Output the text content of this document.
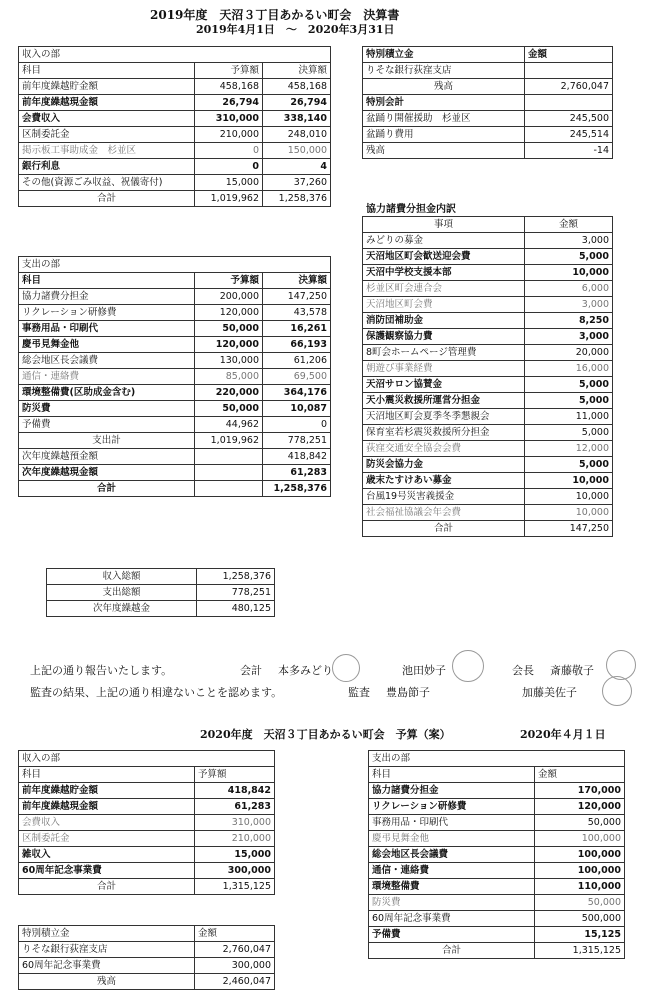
2019年度　天沼３丁目あかるい町会　決算書
2019年4月1日　～　2020年3月31日
収入の部		
科目	予算額	決算額
前年度繰越貯金額	458,168	458,168
前年度繰越現金額	26,794	26,794
会費収入	310,000	338,140
区制委託金	210,000	248,010
掲示板工事助成金　杉並区	0	150,000
銀行利息	0	4
その他(資源ごみ収益、祝儀寄付)	15,000	37,260
合計	1,019,962	1,258,376
支出の部		
科目	予算額	決算額
協力諸費分担金	200,000	147,250
リクレーション研修費	120,000	43,578
事務用品・印刷代	50,000	16,261
慶弔見舞金他	120,000	66,193
総会地区長会議費	130,000	61,206
通信・連絡費	85,000	69,500
環境整備費(区助成金含む)	220,000	364,176
防災費	50,000	10,087
予備費	44,962	0
支出計	1,019,962	778,251
次年度繰越預金額		418,842
次年度繰越現金額		61,283
合計		1,258,376
収入総額	1,258,376
支出総額	778,251
次年度繰越金	480,125
特別積立金	金額
りそな銀行荻窪支店	
残高	2,760,047
特別会計	
盆踊り開催援助　杉並区	245,500
盆踊り費用	245,514
残高	-14
協力諸費分担金内訳
事項	金額
みどりの募金	3,000
天沼地区町会歓送迎会費	5,000
天沼中学校支援本部	10,000
杉並区町会連合会	6,000
天沼地区町会費	3,000
消防団補助金	8,250
保護観察協力費	3,000
8町会ホームページ管理費	20,000
朝遊び事業経費	16,000
天沼サロン協賛金	5,000
天小震災救援所運営分担金	5,000
天沼地区町会夏季冬季懇親会	11,000
保育室若杉震災救援所分担金	5,000
荻窪交通安全協会会費	12,000
防災会協力金	5,000
歳末たすけあい募金	10,000
台風19号災害義援金	10,000
社会福祉協議会年会費	10,000
合計	147,250
上記の通り報告いたします。	会計 本多みどり	池田妙子	会長 斎藤敬子
監査の結果、上記の通り相違ないことを認めます。	監査 豊島節子	加藤美佐子
2020年度　天沼３丁目あかるい町会　予算（案）	2020年４月１日
収入の部	
科目	予算額
前年度繰越貯金額	418,842
前年度繰越現金額	61,283
会費収入	310,000
区制委託金	210,000
雑収入	15,000
60周年記念事業費	300,000
合計	1,315,125
特別積立金	金額
りそな銀行荻窪支店	2,760,047
60周年記念事業費	300,000
残高	2,460,047
支出の部	
科目	金額
協力諸費分担金	170,000
リクレーション研修費	120,000
事務用品・印刷代	50,000
慶弔見舞金他	100,000
総会地区長会議費	100,000
通信・連絡費	100,000
環境整備費	110,000
防災費	50,000
60周年記念事業費	500,000
予備費	15,125
合計	1,315,125
